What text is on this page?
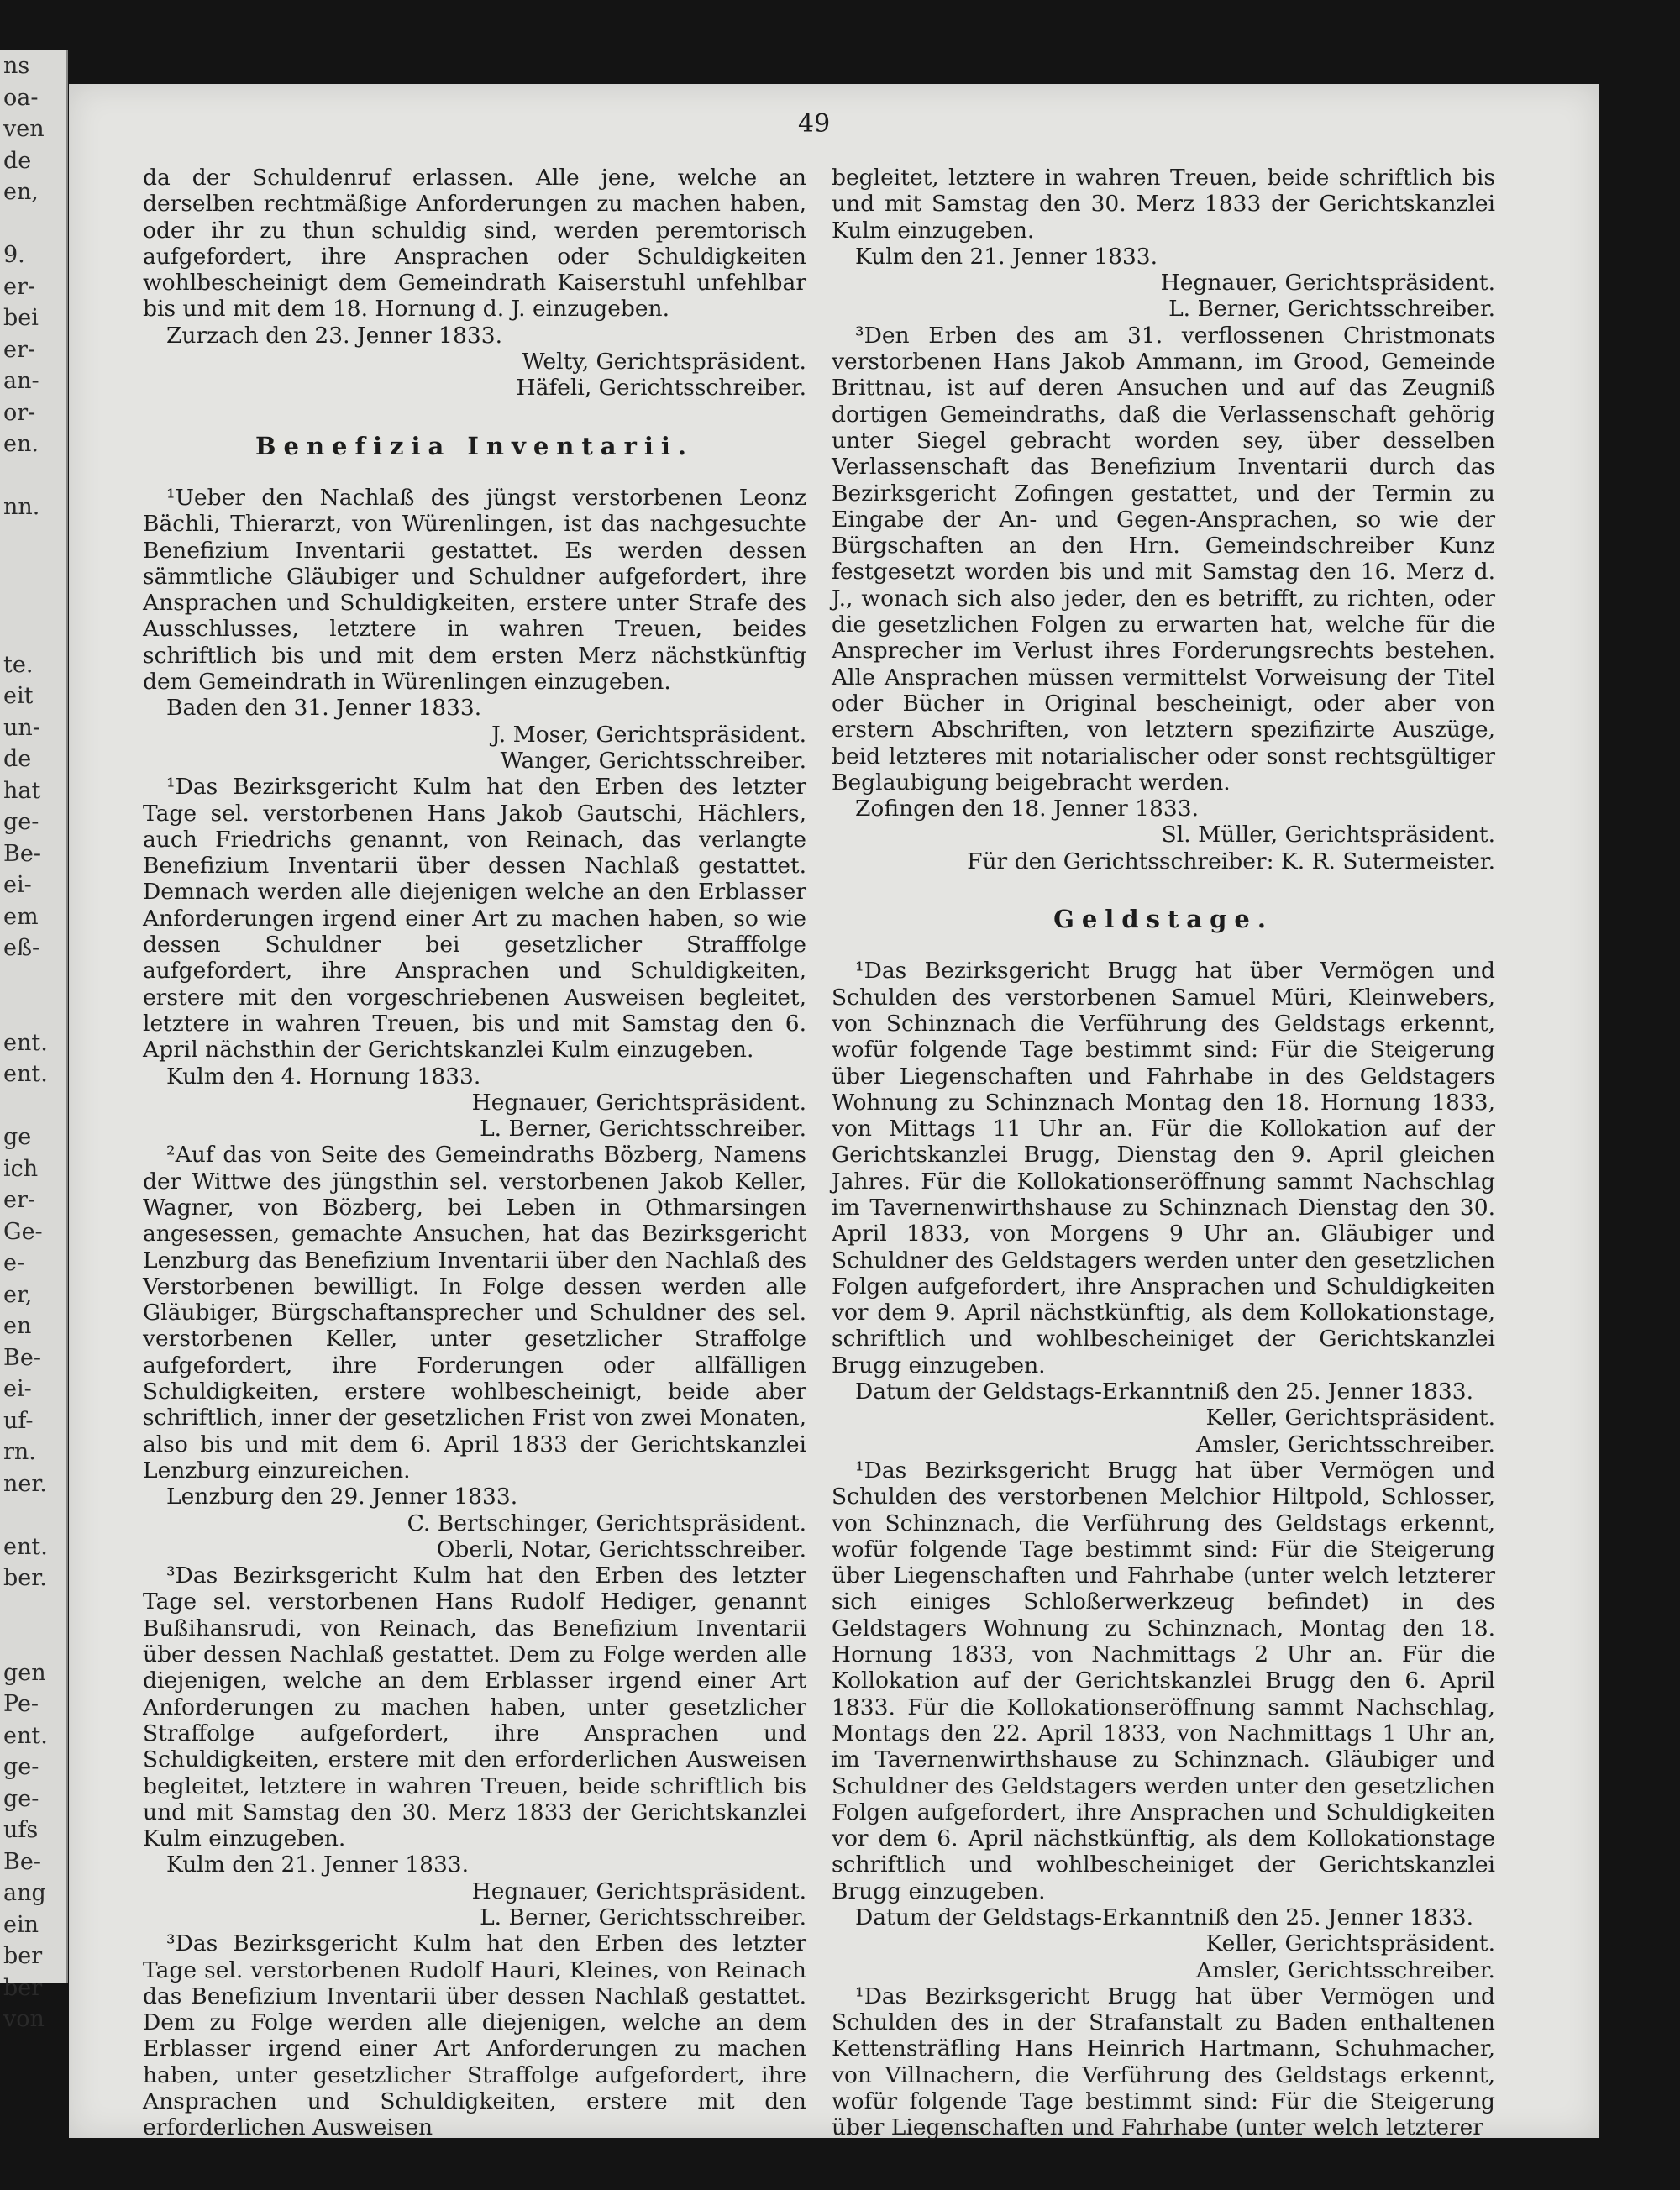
ns
oa-
ven
de
en,

9.
er-
bei
er-
an-
or-
en.

nn.

te.
eit
un-
de
hat
ge-
Be-
ei-
em
eß-

ent.
ent.

ge
ich
er-
Ge-
e-
er,
en
Be-
ei-
uf-
rn.
ner.

ent.
ber.

gen
Pe-
ent.
ge-
ge-
ufs
Be-
ang
ein
ber
ber
von
49

da der Schuldenruf erlassen. Alle jene, welche an derselben rechtmäßige Anforderungen zu machen haben, oder ihr zu thun schuldig sind, werden peremtorisch aufgefordert, ihre Ansprachen oder Schuldigkeiten wohlbescheinigt dem Gemeindrath Kaiserstuhl unfehlbar bis und mit dem 18. Hornung d. J. einzugeben.

Zurzach den 23. Jenner 1833.

Welty, Gerichtspräsident.

Häfeli, Gerichtsschreiber.

Benefizia Inventarii.

¹Ueber den Nachlaß des jüngst verstorbenen Leonz Bächli, Thierarzt, von Würenlingen, ist das nachgesuchte Benefizium Inventarii gestattet. Es werden dessen sämmtliche Gläubiger und Schuldner aufgefordert, ihre Ansprachen und Schuldigkeiten, erstere unter Strafe des Ausschlusses, letztere in wahren Treuen, beides schriftlich bis und mit dem ersten Merz nächstkünftig dem Gemeindrath in Würenlingen einzugeben.

Baden den 31. Jenner 1833.

J. Moser, Gerichtspräsident.

Wanger, Gerichtsschreiber.

¹Das Bezirksgericht Kulm hat den Erben des letzter Tage sel. verstorbenen Hans Jakob Gautschi, Hächlers, auch Friedrichs genannt, von Reinach, das verlangte Benefizium Inventarii über dessen Nachlaß gestattet. Demnach werden alle diejenigen welche an den Erblasser Anforderungen irgend einer Art zu machen haben, so wie dessen Schuldner bei gesetzlicher Strafffolge aufgefordert, ihre Ansprachen und Schuldigkeiten, erstere mit den vorgeschriebenen Ausweisen begleitet, letztere in wahren Treuen, bis und mit Samstag den 6. April nächsthin der Gerichtskanzlei Kulm einzugeben.

Kulm den 4. Hornung 1833.

Hegnauer, Gerichtspräsident.

L. Berner, Gerichtsschreiber.

²Auf das von Seite des Gemeindraths Bözberg, Namens der Wittwe des jüngsthin sel. verstorbenen Jakob Keller, Wagner, von Bözberg, bei Leben in Othmarsingen angesessen, gemachte Ansuchen, hat das Bezirksgericht Lenzburg das Benefizium Inventarii über den Nachlaß des Verstorbenen bewilligt. In Folge dessen werden alle Gläubiger, Bürgschaftansprecher und Schuldner des sel. verstorbenen Keller, unter gesetzlicher Straffolge aufgefordert, ihre Forderungen oder allfälligen Schuldigkeiten, erstere wohlbescheinigt, beide aber schriftlich, inner der gesetzlichen Frist von zwei Monaten, also bis und mit dem 6. April 1833 der Gerichtskanzlei Lenzburg einzureichen.

Lenzburg den 29. Jenner 1833.

C. Bertschinger, Gerichtspräsident.

Oberli, Notar, Gerichtsschreiber.

³Das Bezirksgericht Kulm hat den Erben des letzter Tage sel. verstorbenen Hans Rudolf Hediger, genannt Bußihansrudi, von Reinach, das Benefizium Inventarii über dessen Nachlaß gestattet. Dem zu Folge werden alle diejenigen, welche an dem Erblasser irgend einer Art Anforderungen zu machen haben, unter gesetzlicher Straffolge aufgefordert, ihre Ansprachen und Schuldigkeiten, erstere mit den erforderlichen Ausweisen begleitet, letztere in wahren Treuen, beide schriftlich bis und mit Samstag den 30. Merz 1833 der Gerichtskanzlei Kulm einzugeben.

Kulm den 21. Jenner 1833.

Hegnauer, Gerichtspräsident.

L. Berner, Gerichtsschreiber.

³Das Bezirksgericht Kulm hat den Erben des letzter Tage sel. verstorbenen Rudolf Hauri, Kleines, von Reinach das Benefizium Inventarii über dessen Nachlaß gestattet. Dem zu Folge werden alle diejenigen, welche an dem Erblasser irgend einer Art Anforderungen zu machen haben, unter gesetzlicher Straffolge aufgefordert, ihre Ansprachen und Schuldigkeiten, erstere mit den erforderlichen Ausweisen

begleitet, letztere in wahren Treuen, beide schriftlich bis und mit Samstag den 30. Merz 1833 der Gerichtskanzlei Kulm einzugeben.

Kulm den 21. Jenner 1833.

Hegnauer, Gerichtspräsident.

L. Berner, Gerichtsschreiber.

³Den Erben des am 31. verflossenen Christmonats verstorbenen Hans Jakob Ammann, im Grood, Gemeinde Brittnau, ist auf deren Ansuchen und auf das Zeugniß dortigen Gemeindraths, daß die Verlassenschaft gehörig unter Siegel gebracht worden sey, über desselben Verlassenschaft das Benefizium Inventarii durch das Bezirksgericht Zofingen gestattet, und der Termin zu Eingabe der An- und Gegen-Ansprachen, so wie der Bürgschaften an den Hrn. Gemeindschreiber Kunz festgesetzt worden bis und mit Samstag den 16. Merz d. J., wonach sich also jeder, den es betrifft, zu richten, oder die gesetzlichen Folgen zu erwarten hat, welche für die Ansprecher im Verlust ihres Forderungsrechts bestehen. Alle Ansprachen müssen vermittelst Vorweisung der Titel oder Bücher in Original bescheinigt, oder aber von erstern Abschriften, von letztern spezifizirte Auszüge, beid letzteres mit notarialischer oder sonst rechtsgültiger Beglaubigung beigebracht werden.

Zofingen den 18. Jenner 1833.

Sl. Müller, Gerichtspräsident.

Für den Gerichtsschreiber: K. R. Sutermeister.

Geldstage.

¹Das Bezirksgericht Brugg hat über Vermögen und Schulden des verstorbenen Samuel Müri, Kleinwebers, von Schinznach die Verführung des Geldstags erkennt, wofür folgende Tage bestimmt sind: Für die Steigerung über Liegenschaften und Fahrhabe in des Geldstagers Wohnung zu Schinznach Montag den 18. Hornung 1833, von Mittags 11 Uhr an. Für die Kollokation auf der Gerichtskanzlei Brugg, Dienstag den 9. April gleichen Jahres. Für die Kollokationseröffnung sammt Nachschlag im Tavernenwirthshause zu Schinznach Dienstag den 30. April 1833, von Morgens 9 Uhr an. Gläubiger und Schuldner des Geldstagers werden unter den gesetzlichen Folgen aufgefordert, ihre Ansprachen und Schuldigkeiten vor dem 9. April nächstkünftig, als dem Kollokationstage, schriftlich und wohlbescheiniget der Gerichtskanzlei Brugg einzugeben.

Datum der Geldstags-Erkanntniß den 25. Jenner 1833.

Keller, Gerichtspräsident.

Amsler, Gerichtsschreiber.

¹Das Bezirksgericht Brugg hat über Vermögen und Schulden des verstorbenen Melchior Hiltpold, Schlosser, von Schinznach, die Verführung des Geldstags erkennt, wofür folgende Tage bestimmt sind: Für die Steigerung über Liegenschaften und Fahrhabe (unter welch letzterer sich einiges Schloßerwerkzeug befindet) in des Geldstagers Wohnung zu Schinznach, Montag den 18. Hornung 1833, von Nachmittags 2 Uhr an. Für die Kollokation auf der Gerichtskanzlei Brugg den 6. April 1833. Für die Kollokationseröffnung sammt Nachschlag, Montags den 22. April 1833, von Nachmittags 1 Uhr an, im Tavernenwirthshause zu Schinznach. Gläubiger und Schuldner des Geldstagers werden unter den gesetzlichen Folgen aufgefordert, ihre Ansprachen und Schuldigkeiten vor dem 6. April nächstkünftig, als dem Kollokationstage schriftlich und wohlbescheiniget der Gerichtskanzlei Brugg einzugeben.

Datum der Geldstags-Erkanntniß den 25. Jenner 1833.

Keller, Gerichtspräsident.

Amsler, Gerichtsschreiber.

¹Das Bezirksgericht Brugg hat über Vermögen und Schulden des in der Strafanstalt zu Baden enthaltenen Kettensträfling Hans Heinrich Hartmann, Schuhmacher, von Villnachern, die Verführung des Geldstags erkennt, wofür folgende Tage bestimmt sind: Für die Steigerung über Liegenschaften und Fahrhabe (unter welch letzterer
